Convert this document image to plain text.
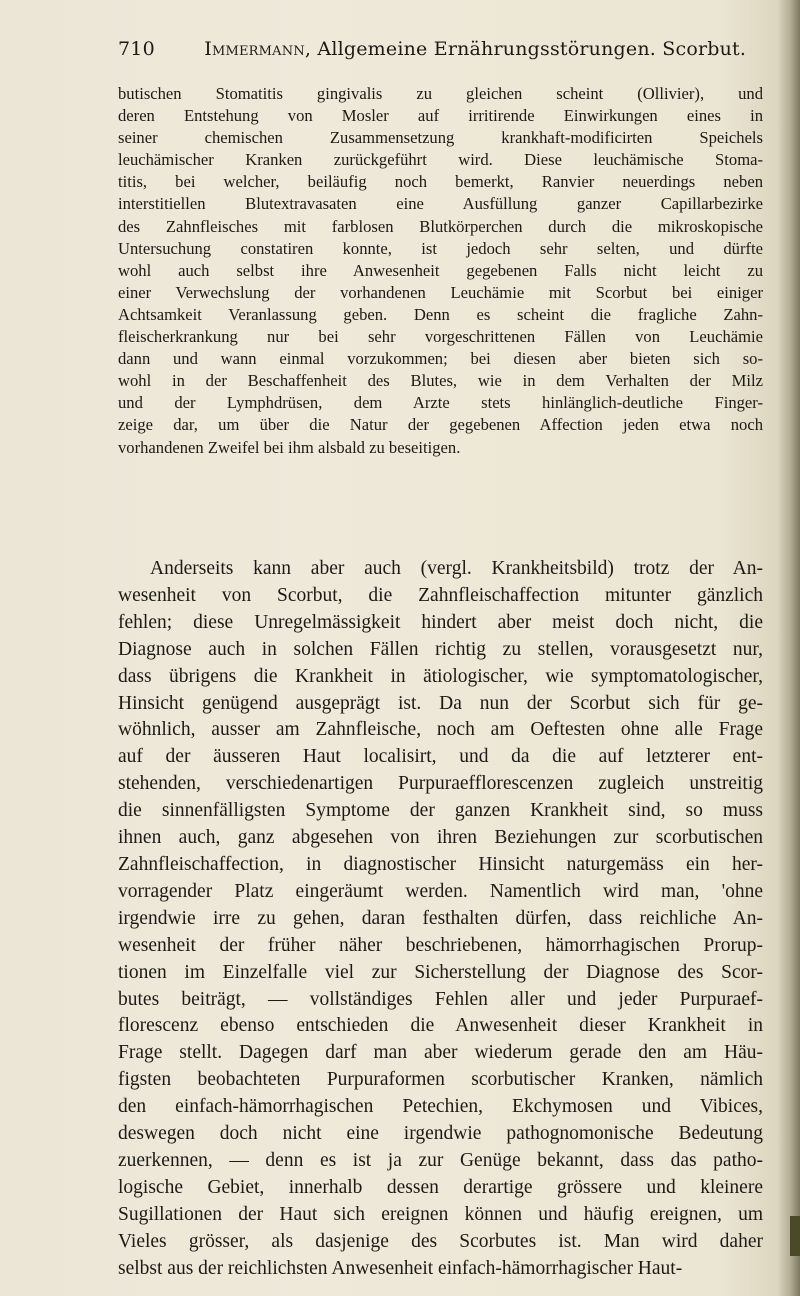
710	Immermann, Allgemeine Ernährungsstörungen. Scorbut.
butischen Stomatitis gingivalis zu gleichen scheint (Ollivier), und
deren Entstehung von Mosler auf irritirende Einwirkungen eines in
seiner chemischen Zusammensetzung krankhaft-modificirten Speichels
leuchämischer Kranken zurückgeführt wird. Diese leuchämische Stoma-
titis, bei welcher, beiläufig noch bemerkt, Ranvier neuerdings neben
interstitiellen Blutextravasaten eine Ausfüllung ganzer Capillarbezirke
des Zahnfleisches mit farblosen Blutkörperchen durch die mikroskopische
Untersuchung constatiren konnte, ist jedoch sehr selten, und dürfte
wohl auch selbst ihre Anwesenheit gegebenen Falls nicht leicht zu
einer Verwechslung der vorhandenen Leuchämie mit Scorbut bei einiger
Achtsamkeit Veranlassung geben. Denn es scheint die fragliche Zahn-
fleischerkrankung nur bei sehr vorgeschrittenen Fällen von Leuchämie
dann und wann einmal vorzukommen; bei diesen aber bieten sich so-
wohl in der Beschaffenheit des Blutes, wie in dem Verhalten der Milz
und der Lymphdrüsen, dem Arzte stets hinlänglich-deutliche Finger-
zeige dar, um über die Natur der gegebenen Affection jeden etwa noch
vorhandenen Zweifel bei ihm alsbald zu beseitigen.
Anderseits kann aber auch (vergl. Krankheitsbild) trotz der An-
wesenheit von Scorbut, die Zahnfleischaffection mitunter gänzlich
fehlen; diese Unregelmässigkeit hindert aber meist doch nicht, die
Diagnose auch in solchen Fällen richtig zu stellen, vorausgesetzt nur,
dass übrigens die Krankheit in ätiologischer, wie symptomatologischer,
Hinsicht genügend ausgeprägt ist. Da nun der Scorbut sich für ge-
wöhnlich, ausser am Zahnfleische, noch am Oeftesten ohne alle Frage
auf der äusseren Haut localisirt, und da die auf letzterer ent-
stehenden, verschiedenartigen Purpuraefflorescenzen zugleich unstreitig
die sinnenfälligsten Symptome der ganzen Krankheit sind, so muss
ihnen auch, ganz abgesehen von ihren Beziehungen zur scorbutischen
Zahnfleischaffection, in diagnostischer Hinsicht naturgemäss ein her-
vorragender Platz eingeräumt werden. Namentlich wird man, 'ohne
irgendwie irre zu gehen, daran festhalten dürfen, dass reichliche An-
wesenheit der früher näher beschriebenen, hämorrhagischen Prorup-
tionen im Einzelfalle viel zur Sicherstellung der Diagnose des Scor-
butes beiträgt, — vollständiges Fehlen aller und jeder Purpuraef-
florescenz ebenso entschieden die Anwesenheit dieser Krankheit in
Frage stellt. Dagegen darf man aber wiederum gerade den am Häu-
figsten beobachteten Purpuraformen scorbutischer Kranken, nämlich
den einfach-hämorrhagischen Petechien, Ekchymosen und Vibices,
deswegen doch nicht eine irgendwie pathognomonische Bedeutung
zuerkennen, — denn es ist ja zur Genüge bekannt, dass das patho-
logische Gebiet, innerhalb dessen derartige grössere und kleinere
Sugillationen der Haut sich ereignen können und häufig ereignen, um
Vieles grösser, als dasjenige des Scorbutes ist. Man wird daher
selbst aus der reichlichsten Anwesenheit einfach-hämorrhagischer Haut-
